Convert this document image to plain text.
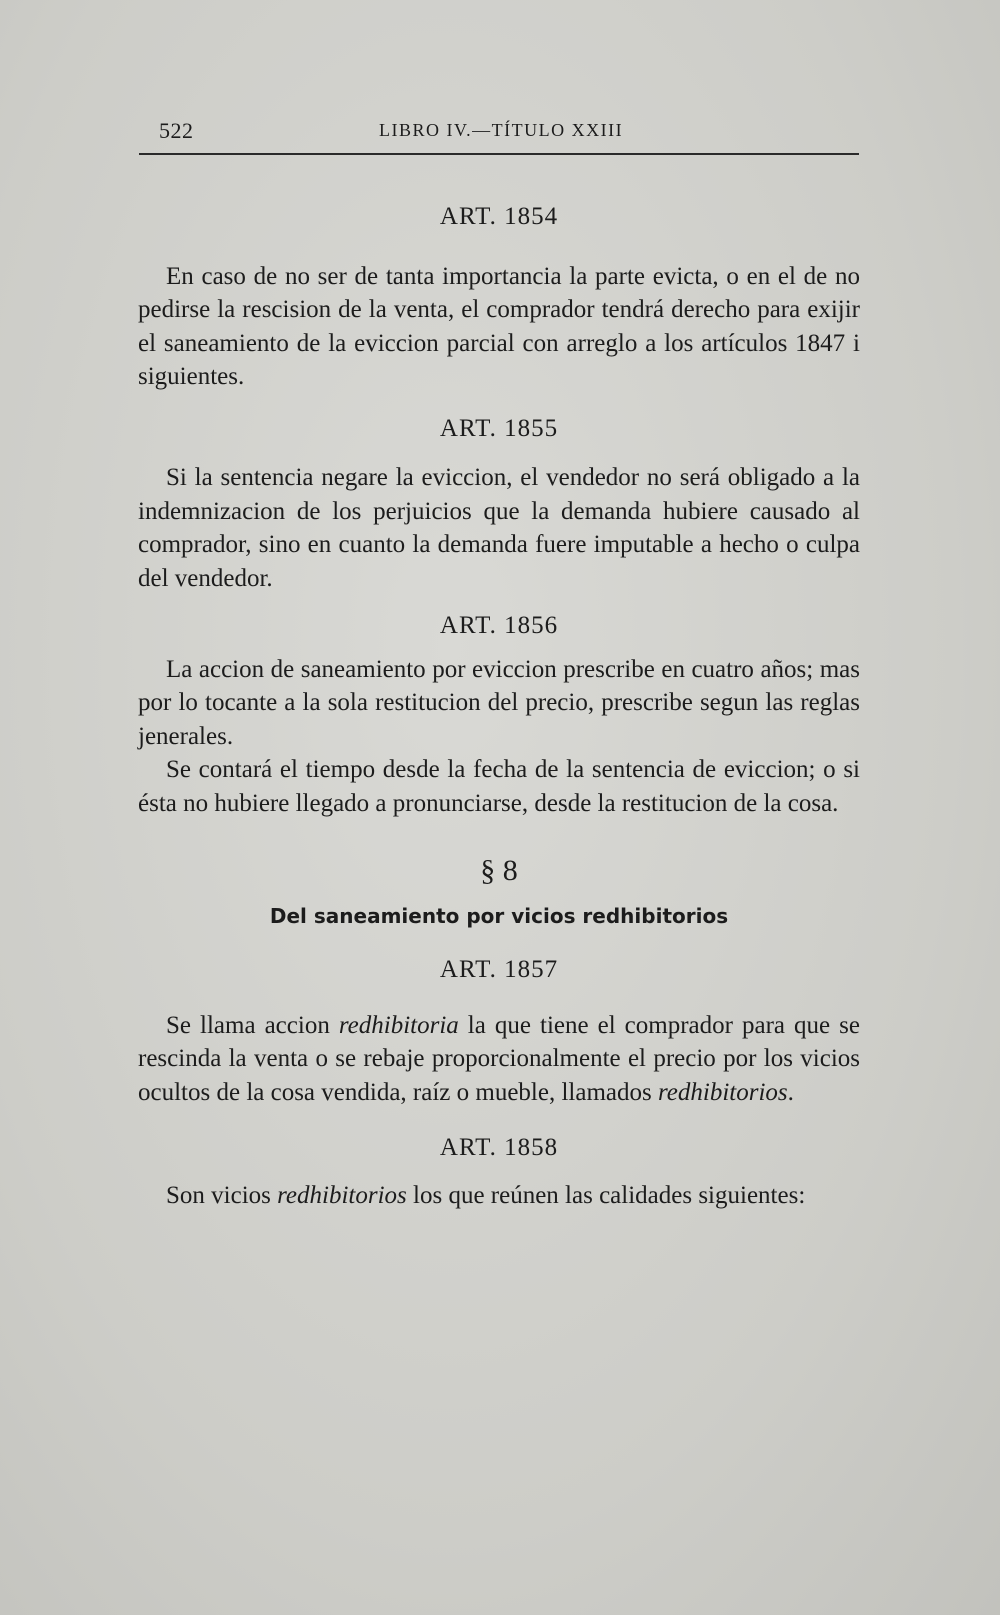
522	LIBRO IV.—TÍTULO XXIII

ART. 1854

En caso de no ser de tanta importancia la parte evicta, o en el de no pedirse la rescision de la venta, el comprador tendrá derecho para exijir el saneamiento de la eviccion parcial con arreglo a los artículos 1847 i siguientes.

ART. 1855

Si la sentencia negare la eviccion, el vendedor no será obligado a la indemnizacion de los perjuicios que la demanda hubiere causado al comprador, sino en cuanto la demanda fuere imputable a hecho o culpa del vendedor.

ART. 1856

La accion de saneamiento por eviccion prescribe en cuatro años; mas por lo tocante a la sola restitucion del precio, prescribe segun las reglas jenerales.

Se contará el tiempo desde la fecha de la sentencia de eviccion; o si ésta no hubiere llegado a pronunciarse, desde la restitucion de la cosa.

§ 8

Del saneamiento por vicios redhibitorios

ART. 1857

Se llama accion redhibitoria la que tiene el comprador para que se rescinda la venta o se rebaje proporcionalmente el precio por los vicios ocultos de la cosa vendida, raíz o mueble, llamados redhibitorios.

ART. 1858

Son vicios redhibitorios los que reúnen las calidades siguientes:
